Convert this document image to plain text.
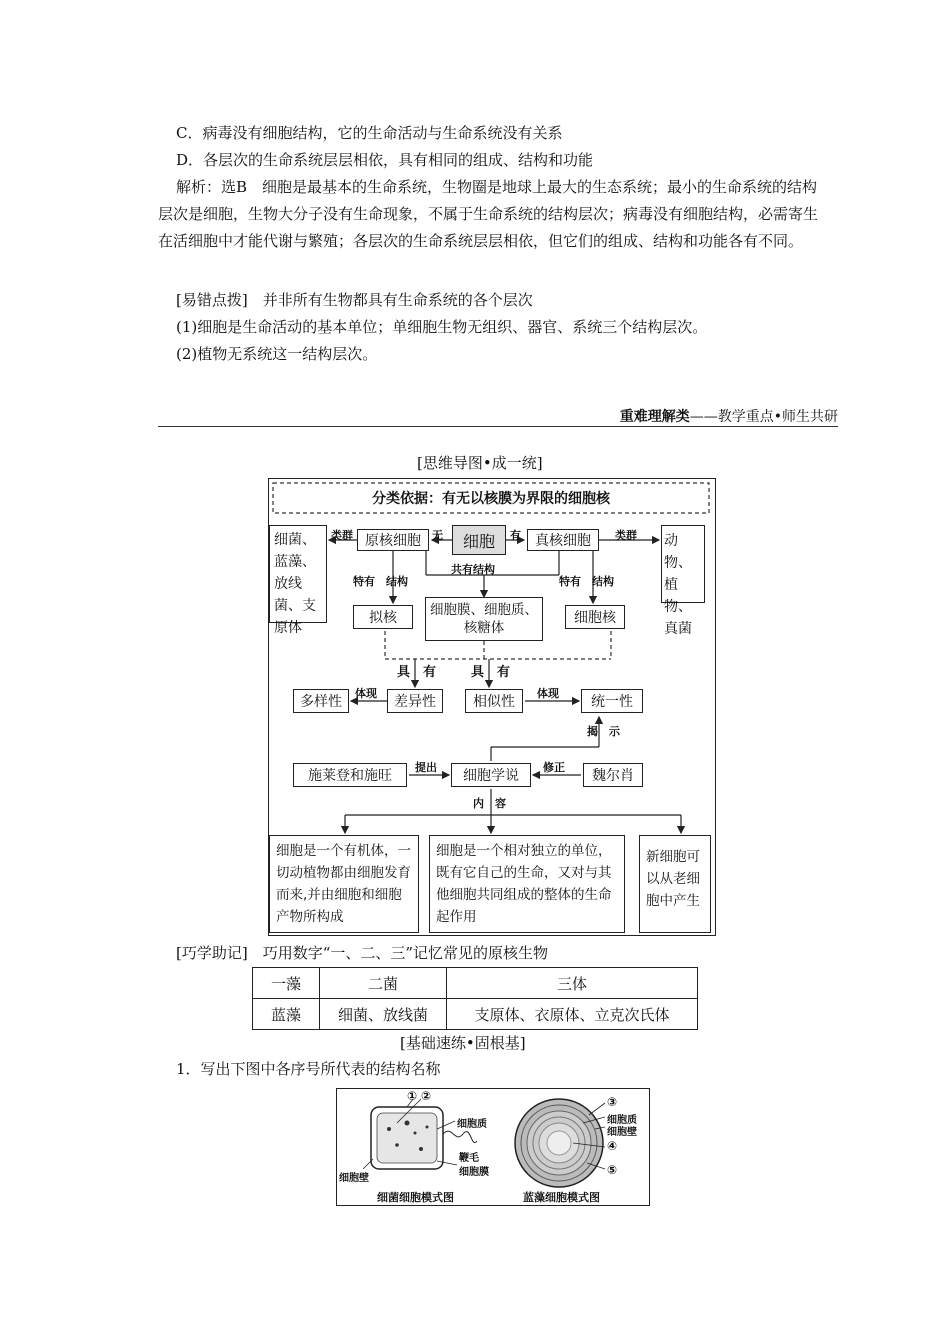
C．病毒没有细胞结构，它的生命活动与生命系统没有关系
D．各层次的生命系统层层相依，具有相同的组成、结构和功能
解析：选B　细胞是最基本的生命系统，生物圈是地球上最大的生态系统；最小的生命系统的结构层次是细胞，生物大分子没有生命现象，不属于生命系统的结构层次；病毒没有细胞结构，必需寄生在活细胞中才能代谢与繁殖；各层次的生命系统层层相依，但它们的组成、结构和功能各有不同。
[易错点拨]　并非所有生物都具有生命系统的各个层次
(1)细胞是生命活动的基本单位；单细胞生物无组织、器官、系统三个结构层次。
(2)植物无系统这一结构层次。
重难理解类——教学重点•师生共研
[思维导图•成一统]
分类依据：有无以核膜为界限的细胞核
细胞
原核细胞	真核细胞
无	有
类群	类群
细菌、蓝藻、放线菌、支原体
动物、植物、真菌
特有　结构	特有　结构
共有结构
拟核	细胞膜、细胞质、核糖体
细胞核
具　有	具　有
多样性
体现
差异性	相似性
体现
统一性
揭　示
施莱登和施旺
提出
细胞学说
修正
魏尔肖
内　容
细胞是一个有机体，一切动植物都由细胞发育而来,并由细胞和细胞产物所构成
细胞是一个相对独立的单位，既有它自己的生命，又对与其他细胞共同组成的整体的生命起作用
新细胞可以从老细胞中产生
[巧学助记]　巧用数字“一、二、三”记忆常见的原核生物
一藻	二菌	三体
蓝藻	细菌、放线菌	支原体、衣原体、立克次氏体
[基础速练•固根基]
1．写出下图中各序号所代表的结构名称
① ②
细胞质
鞭毛
细胞膜
细胞壁
③
细胞质
细胞壁
④
⑤
细菌细胞模式图	蓝藻细胞模式图
